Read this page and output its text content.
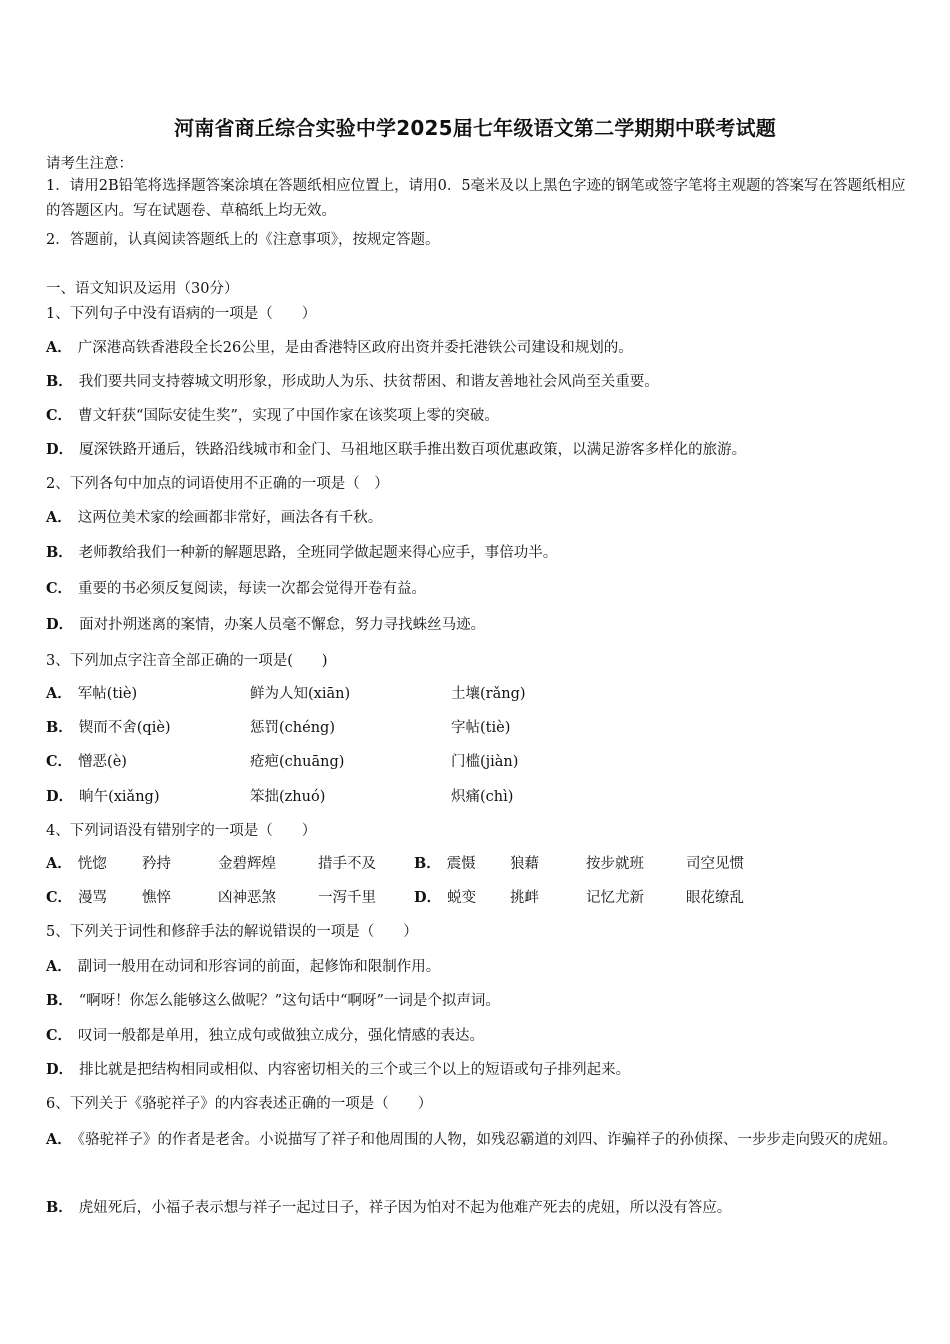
河南省商丘综合实验中学2025届七年级语文第二学期期中联考试题
请考生注意：
1．请用2B铅笔将选择题答案涂填在答题纸相应位置上，请用0．5毫米及以上黑色字迹的钢笔或签字笔将主观题的答案写在答题纸相应的答题区内。写在试题卷、草稿纸上均无效。
2．答题前，认真阅读答题纸上的《注意事项》，按规定答题。
一、语文知识及运用（30分）
1、下列句子中没有语病的一项是（　　）
A． 广深港高铁香港段全长26公里，是由香港特区政府出资并委托港铁公司建设和规划的。
B． 我们要共同支持蓉城文明形象，形成助人为乐、扶贫帮困、和谐友善地社会风尚至关重要。
C． 曹文轩获“国际安徒生奖”，实现了中国作家在该奖项上零的突破。
D． 厦深铁路开通后，铁路沿线城市和金门、马祖地区联手推出数百项优惠政策，以满足游客多样化的旅游。
2、下列各句中加点的词语使用不正确的一项是（　）
A． 这两位美术家的绘画都非常好，画法各有千秋。
B． 老师教给我们一种新的解题思路，全班同学做起题来得心应手，事倍功半。
C． 重要的书必须反复阅读，每读一次都会觉得开卷有益。
D． 面对扑朔迷离的案情，办案人员毫不懈怠，努力寻找蛛丝马迹。
3、下列加点字注音全部正确的一项是(　　)
A． 军帖(tiè)	鲜为人知(xiān)	土壤(rǎng)
B． 锲而不舍(qiè)	惩罚(chéng)	字帖(tiè)
C． 憎恶(è)	疮疤(chuāng)	门槛(jiàn)
D． 晌午(xiǎng)	笨拙(zhuó)	炽痛(chì)
4、下列词语没有错别字的一项是（　　）
A． 恍惚 矜持	金碧辉煌	措手不及	B． 震慑 狼藉	按步就班	司空见惯
C． 漫骂 憔悴	凶神恶煞	一泻千里	D． 蜕变 挑衅	记忆尤新	眼花缭乱
5、下列关于词性和修辞手法的解说错误的一项是（　　）
A． 副词一般用在动词和形容词的前面，起修饰和限制作用。
B． “啊呀！你怎么能够这么做呢？”这句话中“啊呀”一词是个拟声词。
C． 叹词一般都是单用，独立成句或做独立成分，强化情感的表达。
D． 排比就是把结构相同或相似、内容密切相关的三个或三个以上的短语或句子排列起来。
6、下列关于《骆驼祥子》的内容表述正确的一项是（　　）
A． 《骆驼祥子》的作者是老舍。小说描写了祥子和他周围的人物，如残忍霸道的刘四、诈骗祥子的孙侦探、一步步走向毁灭的虎妞。
B． 虎妞死后，小福子表示想与祥子一起过日子，祥子因为怕对不起为他难产死去的虎妞，所以没有答应。
